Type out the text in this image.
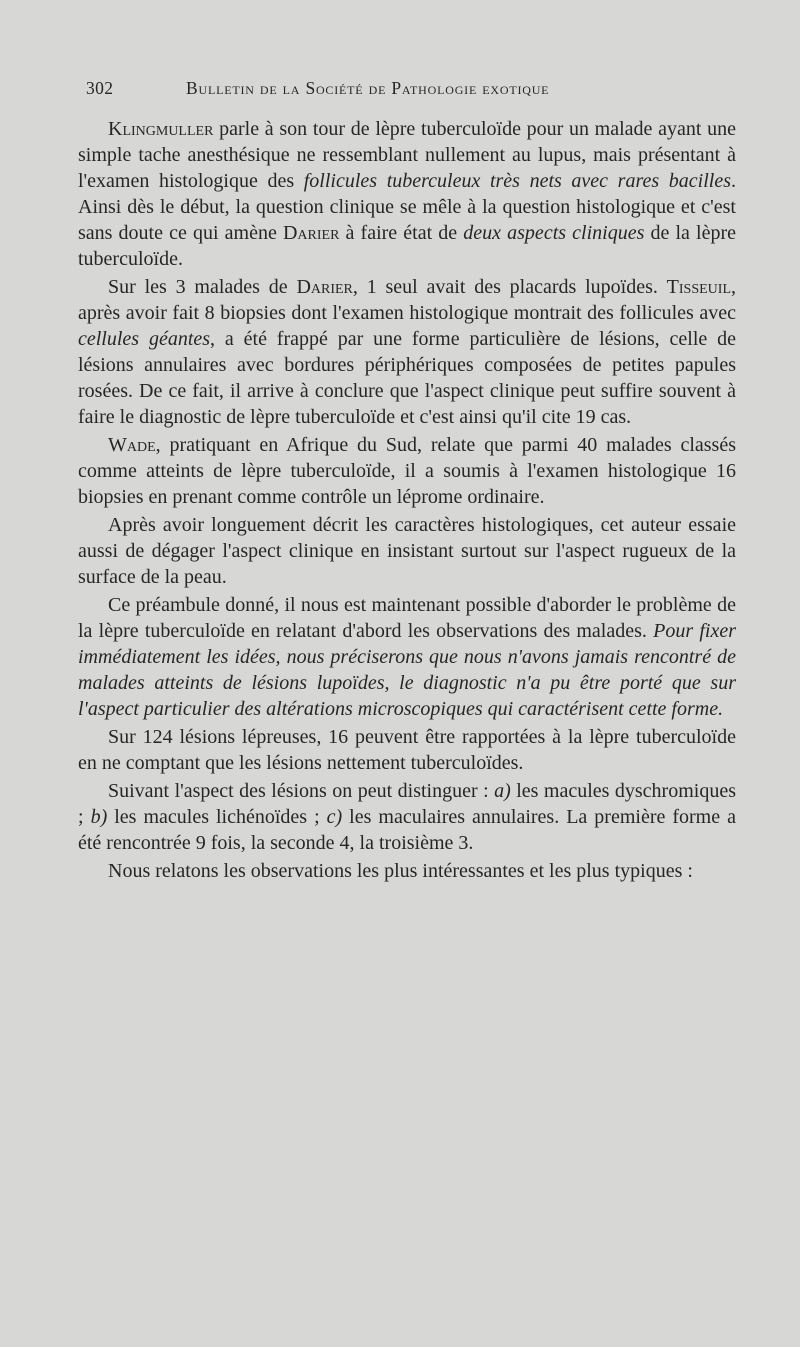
302	Bulletin de la Société de Pathologie exotique

Klingmuller parle à son tour de lèpre tuberculoïde pour un malade ayant une simple tache anesthésique ne ressemblant nullement au lupus, mais présentant à l'examen histologique des follicules tuberculeux très nets avec rares bacilles. Ainsi dès le début, la question clinique se mêle à la question histologique et c'est sans doute ce qui amène Darier à faire état de deux aspects cliniques de la lèpre tuberculoïde.

Sur les 3 malades de Darier, 1 seul avait des placards lupoïdes. Tisseuil, après avoir fait 8 biopsies dont l'examen histologique montrait des follicules avec cellules géantes, a été frappé par une forme particulière de lésions, celle de lésions annulaires avec bordures périphériques composées de petites papules rosées. De ce fait, il arrive à conclure que l'aspect clinique peut suffire souvent à faire le diagnostic de lèpre tuberculoïde et c'est ainsi qu'il cite 19 cas.

Wade, pratiquant en Afrique du Sud, relate que parmi 40 malades classés comme atteints de lèpre tuberculoïde, il a soumis à l'examen histologique 16 biopsies en prenant comme contrôle un léprome ordinaire.

Après avoir longuement décrit les caractères histologiques, cet auteur essaie aussi de dégager l'aspect clinique en insistant surtout sur l'aspect rugueux de la surface de la peau.

Ce préambule donné, il nous est maintenant possible d'aborder le problème de la lèpre tuberculoïde en relatant d'abord les observations des malades. Pour fixer immédiatement les idées, nous préciserons que nous n'avons jamais rencontré de malades atteints de lésions lupoïdes, le diagnostic n'a pu être porté que sur l'aspect particulier des altérations microscopiques qui caractérisent cette forme.

Sur 124 lésions lépreuses, 16 peuvent être rapportées à la lèpre tuberculoïde en ne comptant que les lésions nettement tuberculoïdes.

Suivant l'aspect des lésions on peut distinguer : a) les macules dyschromiques ; b) les macules lichénoïdes ; c) les maculaires annulaires. La première forme a été rencontrée 9 fois, la seconde 4, la troisième 3.

Nous relatons les observations les plus intéressantes et les plus typiques :
